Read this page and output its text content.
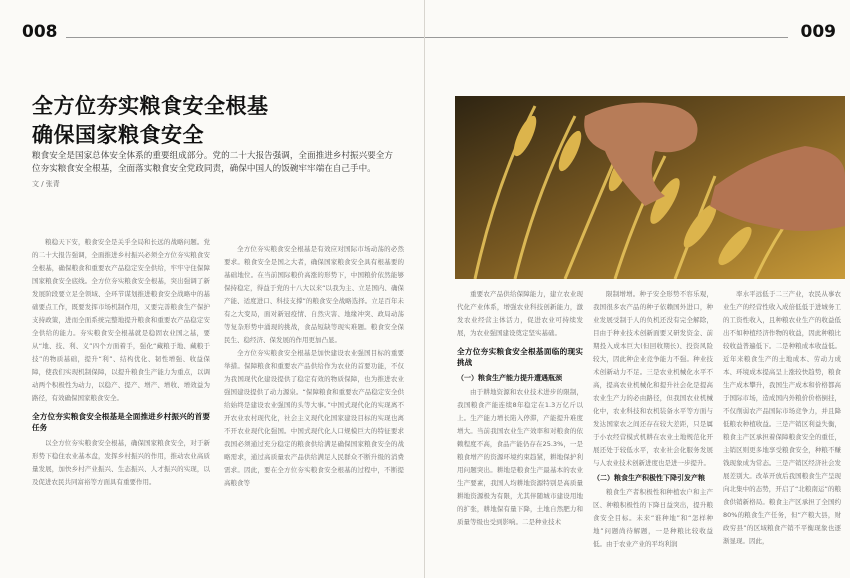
008
全方位夯实粮食安全根基
确保国家粮食安全
粮食安全是国家总体安全体系的重要组成部分。党的二十大报告强调，全面推进乡村振兴要全方
位夯实粮食安全根基，全面落实粮食安全党政同责，确保中国人的饭碗牢牢端在自己手中。
文 / 张青

粮稳天下安，粮食安全是关乎全局和长远的战略问题。党的二十大报告强调，全面推进乡村振兴必须全方位夯实粮食安全根基，确保粮食和重要农产品稳定安全供给，牢牢守住保障国家粮食安全底线。全方位夯实粮食安全根基，突出强调了新发展阶段要立足全领域、全环节谋划推进粮食安全战略中的基础要点工作，既要发挥市场机制作用，又要完善粮食生产保护支持政策，进而全面系统完整地提升粮食和重要农产品稳定安全供给的能力。夯实粮食安全根基就是稳固农业国之基，要从“地、技、利、义”四个方面着手，强化“藏粮于地、藏粮于技”的物质基础，提升“利”、结构优化、韧性增强、收益保障，使我们实现机制保障，以提升粮食生产能力为重点，以调动两个积极性为动力，以稳产、提产、增产、增收、增效益为路径，有效确保国家粮食安全。

全方位夯实粮食安全根基是全面推进乡村振兴的首要任务

以全方位夯实粮食安全根基，确保国家粮食安全，对于新形势下稳住农业基本盘，发挥乡村振兴的作用，推动农业高质量发展，加快乡村产业振兴、生态振兴、人才振兴的实现，以及促进农民共同富裕等方面具有重要作用。

全方位夯实粮食安全根基是有效应对国际市场动荡的必然要求。粮食安全是国之大者，确保国家粮食安全具有根基要的基础地位。在当前国际粮价高涨的形势下，中国粮价依然能够保持稳定，得益于党的十八大以来“以我为主、立足国内、确保产能、适度进口、科技支撑”的粮食安全战略选择。立足百年未有之大变局，面对新冠疫情、自然灾害、地缘冲突、政局动荡等复杂形势中涌现的挑战，食品短缺等现实难题。粮食安全保民生、稳经济、保发展的作用更加凸显。

全方位夯实粮食安全根基是加快建设农业强国目标的重要举措。保障粮食和重要农产品供给作为农业的首要功能，不仅为我国现代化建设提供了稳定有效的物质保障，也为推进农业强国建设提供了动力源泉。“保障粮食和重要农产品稳定安全供给始终是建设农业强国的头等大事。”中国式现代化的实现离不开农业农村现代化，社会主义现代化国家建设目标的实现也离不开农业现代化强国。中国式现代化人口规模巨大的特征要求我国必须通过充分稳定的粮食供给满足确保国家粮食安全的战略需求，通过高质量农产品供给满足人民群众不断升级的消费需求。因此，要在全方位夯实粮食安全根基的过程中，不断提高粮食等

009

重要农产品供给保障能力，建立农业现代化产业体系，增强农业科技创新能力，激发农业经营主体活力，促进农业可持续发展，为农业强国建设奠定坚实基础。

全方位夯实粮食安全根基面临的现实挑战
（一）粮食生产能力提升遭遇瓶颈

由于耕地资源和农业技术进步的限制，我国粮食产能连续8年稳定在1.3万亿斤以上。生产能力增长陷入停滞，产能提升难度增大。当前我国农业生产效率和对粮食的依赖程度不高，食品产能仍存在25.3%，一是粮食增产的资源环境约束趋紧，耕地保护利用问题突出。耕地是粮食生产最基本的农业生产要素，我国人均耕地资源特别是高质量耕地资源极为有限，尤其伴随城市建设用地的扩张，耕地保有量下降，土地自然肥力和质量等级也受到影响。二是种业技术

限制增增。种子安全形势不容乐观，我国很多农产品的种子依赖国外进口，种业发展受制于人的负机还没有完全解除，目由于种业技术创新面要又研发资金、前期投入成本巨大(但回收期长)、投资风险较大，因此种企业竞争能力不强。种业技术创新动力不足。三是农业机械化水平不高，提高农业机械化和提升社会化是提高农业生产力的必由路径，但我国农业机械化中，农业科技和农机装备水平等方面与发达国家农之间还存在较大差距，只是属于小农经营模式机耕在农业土地规范化开展还处于较低水平，农业社会化服务发展与人农业技术创新进度也是进一步提升。

（二）粮食生产积极性下降引发产粮

粮食生产者积极性和种植农户和主产区、种粮积极性的下降日益突出，提升粮食安全目标。未来“谁种地”和“怎样种地”问题尚待解题，一是种粮比较收益低。由于农业产业的平均利润

率水平远低于二三产业，农民从事农业生产的经营性收入成倍低低于进城务工的工资性收入，且种粮农业生产的收益低出不如种植经济作物的收益，因此种粮比较收益普遍低下。二是种粮成本收益低。近年来粮食生产的土地成本、劳动力成本、环境成本提高呈上涨较快趋势，粮食生产成本攀升，我国生产成本和价格都高于国际市场，造成国内外粮价价格倒挂，不仅削弱农产品国际市场竞争力，并且降低粮农种植收益。三是产销区利益失衡，粮食主产区承担着保障粮食安全的重任，主销区则更多地享受粮食安全，种粮不赚钱现象成为常态。三是产销区经济社会发展差别大。改革开放后我国粮食生产呈现向北集中的态势，开启了“北粮南运”的粮食供销新格局。粮食主产区承担了全国约80%的粮食生产任务，但“产粮大县，财政穷县”的区域粮食产销不平衡现象也逐渐显现。因此，
